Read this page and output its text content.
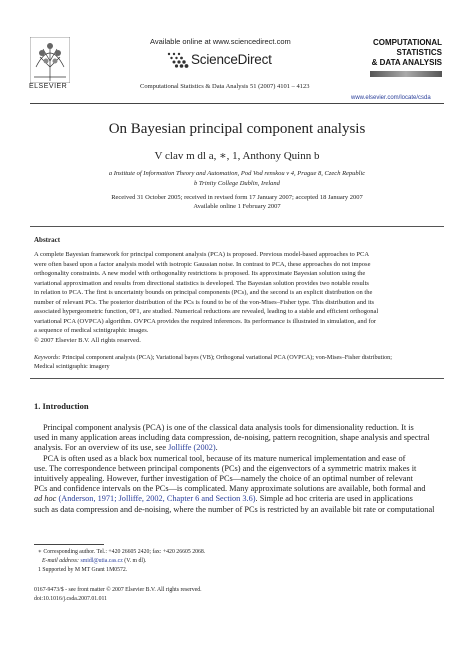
ELSEVIER
Available online at www.sciencedirect.com
ScienceDirect
Computational Statistics & Data Analysis 51 (2007) 4101 – 4123
COMPUTATIONAL
STATISTICS
& DATA ANALYSIS
www.elsevier.com/locate/csda
On Bayesian principal component analysis
V clav m dl a, ∗, 1, Anthony Quinn b
a Institute of Information Theory and Automation, Pod Vod renskou v 4, Prague 8, Czech Republic
b Trinity College Dublin, Ireland
Received 31 October 2005; received in revised form 17 January 2007; accepted 18 January 2007
Available online 1 February 2007
Abstract
A complete Bayesian framework for principal component analysis (PCA) is proposed. Previous model-based approaches to PCA
were often based upon a factor analysis model with isotropic Gaussian noise. In contrast to PCA, these approaches do not impose
orthogonality constraints. A new model with orthogonality restrictions is proposed. Its approximate Bayesian solution using the
variational approximation and results from directional statistics is developed. The Bayesian solution provides two notable results
in relation to PCA. The first is uncertainty bounds on principal components (PCs), and the second is an explicit distribution on the
number of relevant PCs. The posterior distribution of the PCs is found to be of the von-Mises–Fisher type. This distribution and its
associated hypergeometric function, 0F1, are studied. Numerical reductions are revealed, leading to a stable and efficient orthogonal
variational PCA (OVPCA) algorithm. OVPCA provides the required inferences. Its performance is illustrated in simulation, and for
a sequence of medical scintigraphic images.
© 2007 Elsevier B.V. All rights reserved.
Keywords: Principal component analysis (PCA); Variational bayes (VB); Orthogonal variational PCA (OVPCA); von-Mises–Fisher distribution;
Medical scintigraphic imagery
1. Introduction
Principal component analysis (PCA) is one of the classical data analysis tools for dimensionality reduction. It is
used in many application areas including data compression, de-noising, pattern recognition, shape analysis and spectral
analysis. For an overview of its use, see Jolliffe (2002).
PCA is often used as a black box numerical tool, because of its mature numerical implementation and ease of
use. The correspondence between principal components (PCs) and the eigenvectors of a symmetric matrix makes it
intuitively appealing. However, further investigation of PCs—namely the choice of an optimal number of relevant
PCs and confidence intervals on the PCs—is complicated. Many approximate solutions are available, both formal and
ad hoc (Anderson, 1971; Jolliffe, 2002, Chapter 6 and Section 3.6). Simple ad hoc criteria are used in applications
such as data compression and de-noising, where the number of PCs is restricted by an available bit rate or computational
∗ Corresponding author. Tel.: +420 26605 2420; fax: +420 26605 2068.
E-mail address: smidl@utia.cas.cz (V. m dl).
1 Supported by M MT Grant 1M0572.
0167-9473/$ - see front matter © 2007 Elsevier B.V. All rights reserved.
doi:10.1016/j.csda.2007.01.011
